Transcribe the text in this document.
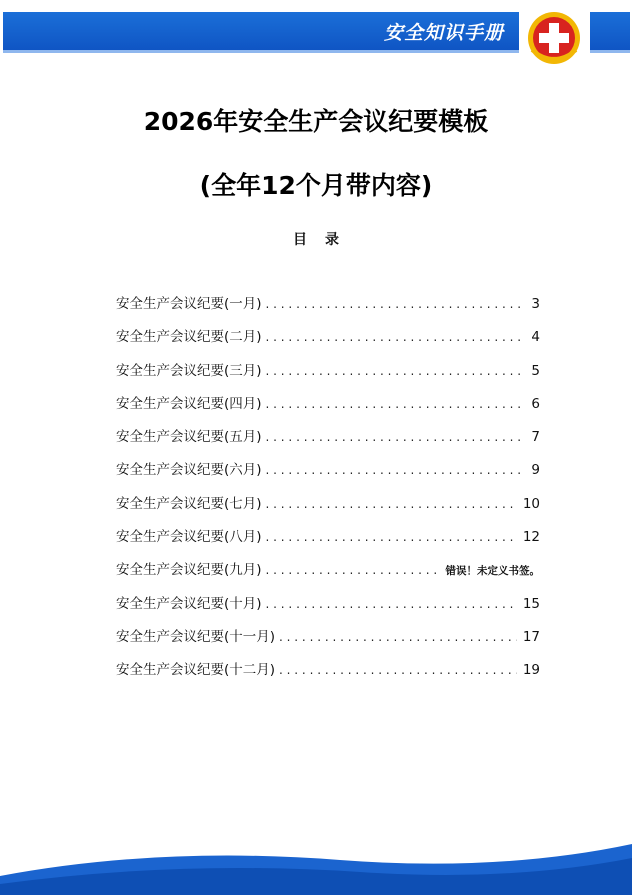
安全知识手册
2026年安全生产会议纪要模板
(全年12个月带内容)
目录
安全生产会议纪要(一月) . . .	3
安全生产会议纪要(二月) . . .	4
安全生产会议纪要(三月) . . .	5
安全生产会议纪要(四月) . . .	6
安全生产会议纪要(五月) . . .	7
安全生产会议纪要(六月) . . .	9
安全生产会议纪要(七月) . . .	10
安全生产会议纪要(八月) . . .	12
安全生产会议纪要(九月) . . .	错误！未定义书签。
安全生产会议纪要(十月) . . .	15
安全生产会议纪要(十一月) . . .	17
安全生产会议纪要(十二月) . . .	19
